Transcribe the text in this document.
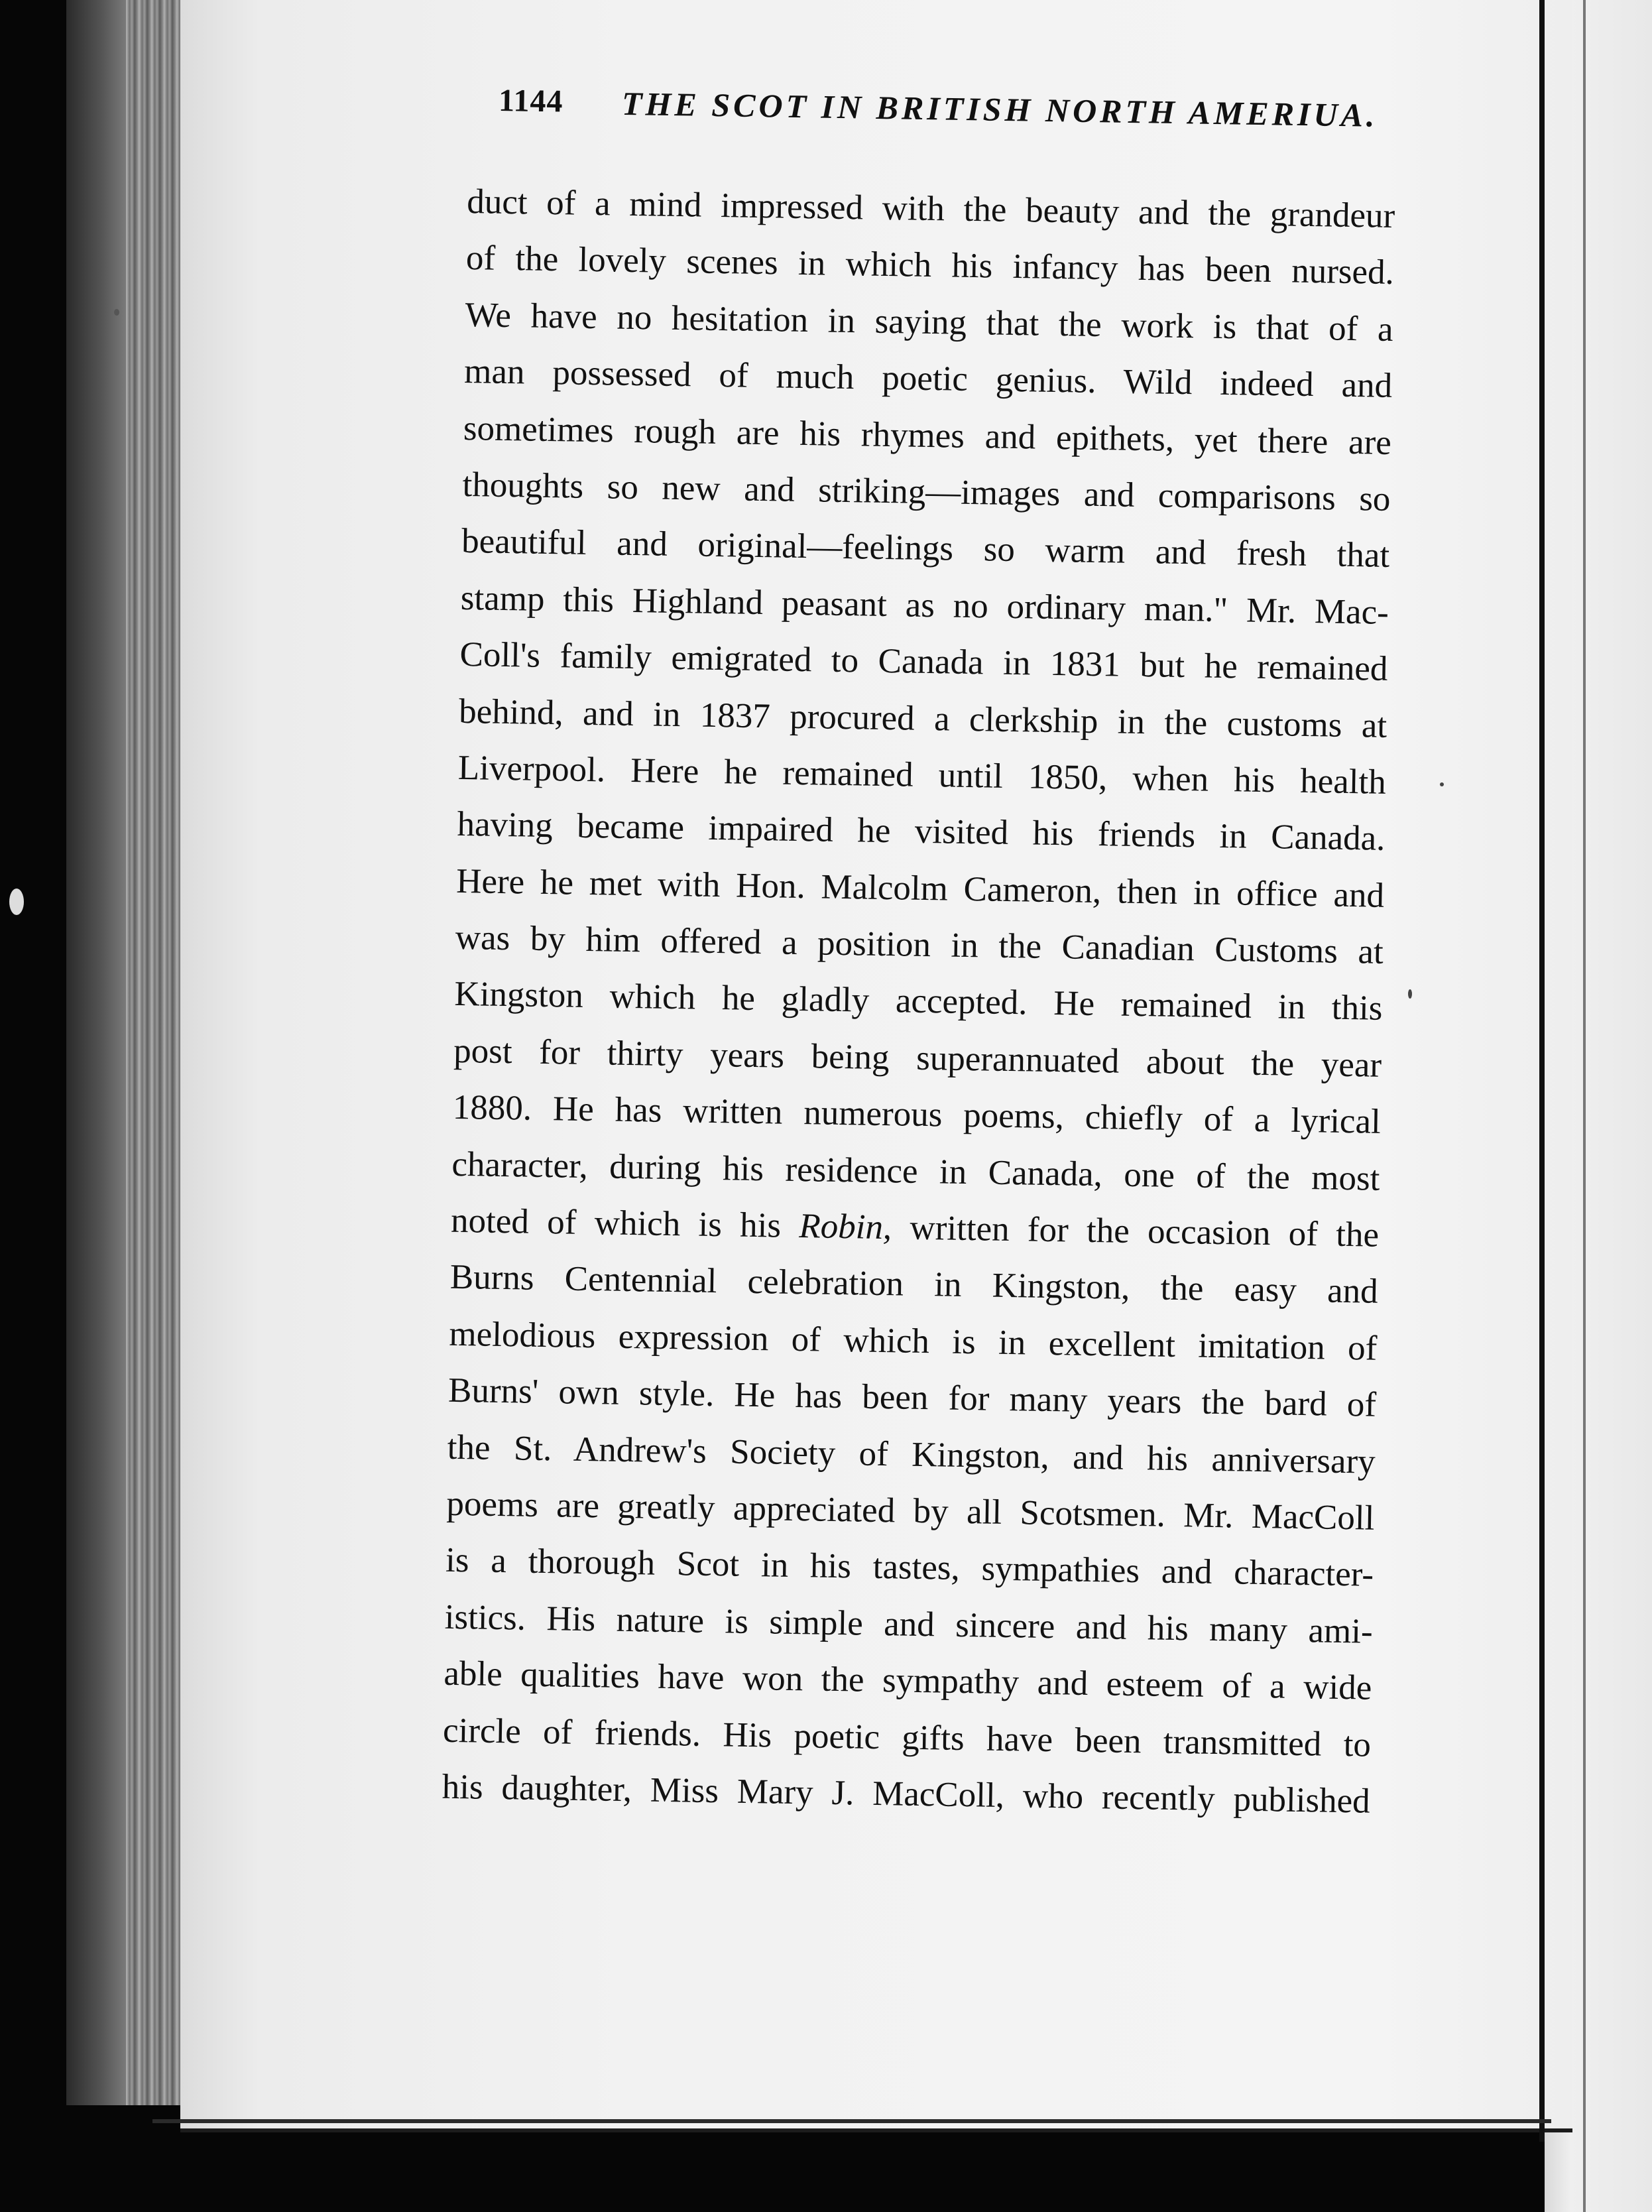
1144 THE SCOT IN BRITISH NORTH AMERIUA.
duct of a mind impressed with the beauty and the grandeur
of the lovely scenes in which his infancy has been nursed.
We have no hesitation in saying that the work is that of a
man possessed of much poetic genius. Wild indeed and
sometimes rough are his rhymes and epithets, yet there are
thoughts so new and striking—images and comparisons so
beautiful and original—feelings so warm and fresh that
stamp this Highland peasant as no ordinary man." Mr. Mac-
Coll's family emigrated to Canada in 1831 but he remained
behind, and in 1837 procured a clerkship in the customs at
Liverpool. Here he remained until 1850, when his health
having became impaired he visited his friends in Canada.
Here he met with Hon. Malcolm Cameron, then in office and
was by him offered a position in the Canadian Customs at
Kingston which he gladly accepted. He remained in this
post for thirty years being superannuated about the year
1880. He has written numerous poems, chiefly of a lyrical
character, during his residence in Canada, one of the most
noted of which is his Robin, written for the occasion of the
Burns Centennial celebration in Kingston, the easy and
melodious expression of which is in excellent imitation of
Burns' own style. He has been for many years the bard of
the St. Andrew's Society of Kingston, and his anniversary
poems are greatly appreciated by all Scotsmen. Mr. MacColl
is a thorough Scot in his tastes, sympathies and character-
istics. His nature is simple and sincere and his many ami-
able qualities have won the sympathy and esteem of a wide
circle of friends. His poetic gifts have been transmitted to
his daughter, Miss Mary J. MacColl, who recently published
